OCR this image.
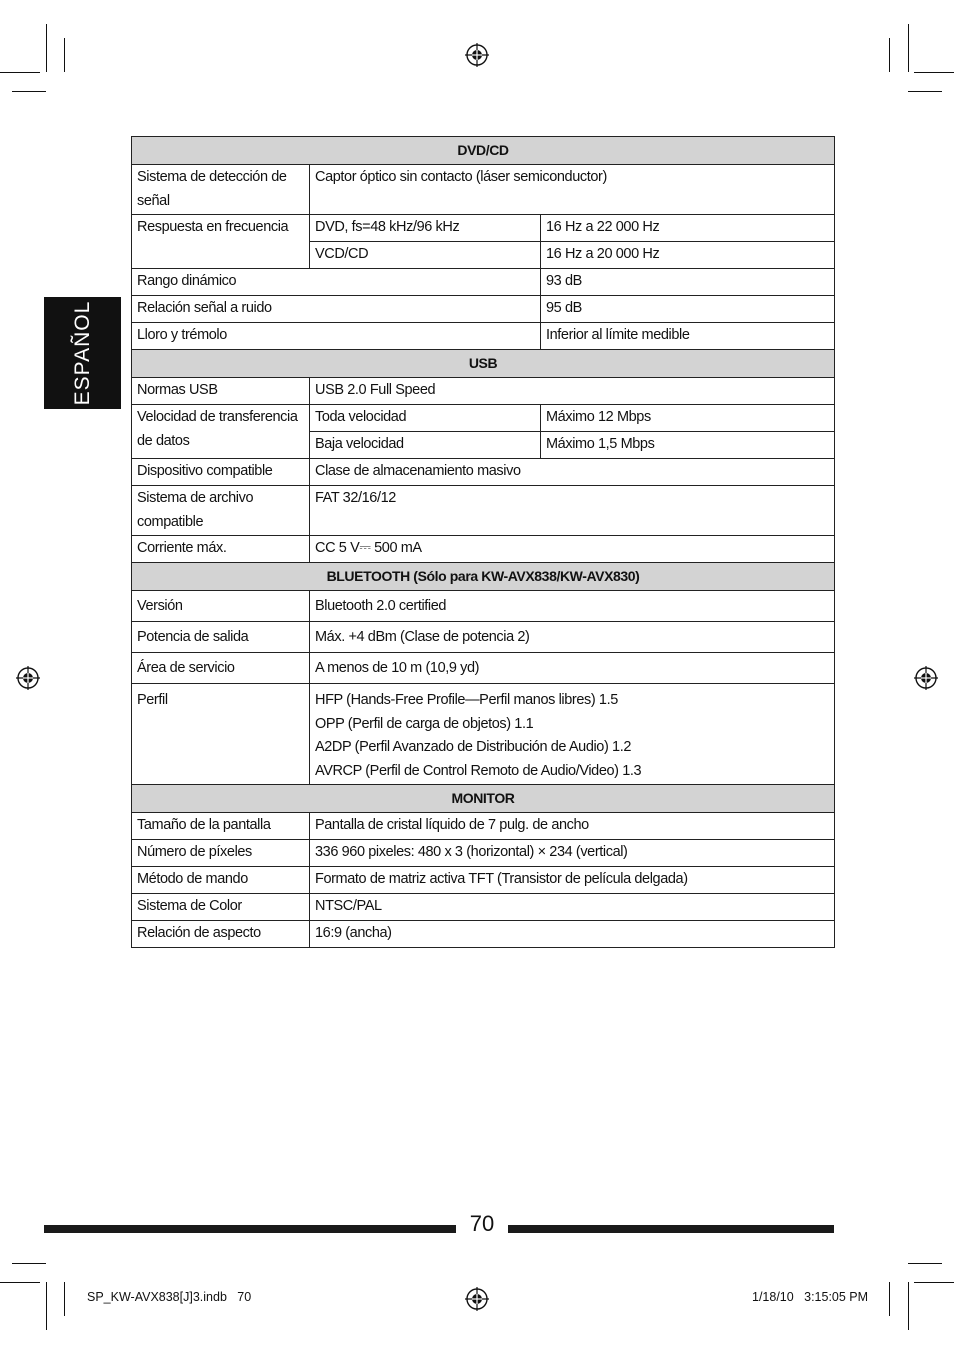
ESPAÑOL
DVD/CD		
Sistema de detección de señal	Captor óptico sin contacto (láser semiconductor)	
Respuesta en frecuencia	DVD, fs=48 kHz/96 kHz	16 Hz a 22 000 Hz
	VCD/CD	16 Hz a 20 000 Hz
Rango dinámico		93 dB
Relación señal a ruido		95 dB
Lloro y trémolo		Inferior al límite medible
USB		
Normas USB	USB 2.0 Full Speed	
Velocidad de transferencia de datos	Toda velocidad	Máximo 12 Mbps
	Baja velocidad	Máximo 1,5 Mbps
Dispositivo compatible	Clase de almacenamiento masivo	
Sistema de archivo compatible	FAT 32/16/12	
Corriente máx.	CC 5 V⎓ 500 mA	
BLUETOOTH (Sólo para KW-AVX838/KW-AVX830)		
Versión	Bluetooth 2.0 certified	
Potencia de salida	Máx. +4 dBm (Clase de potencia 2)	
Área de servicio	A menos de 10 m (10,9 yd)	
Perfil	HFP (Hands-Free Profile—Perfil manos libres) 1.5
OPP (Perfil de carga de objetos) 1.1
A2DP (Perfil Avanzado de Distribución de Audio) 1.2
AVRCP (Perfil de Control Remoto de Audio/Video) 1.3	

MONITOR		
Tamaño de la pantalla	Pantalla de cristal líquido de 7 pulg. de ancho	
Número de píxeles	336 960 pixeles: 480 x 3 (horizontal) × 234 (vertical)	
Método de mando	Formato de matriz activa TFT (Transistor de película delgada)	
Sistema de Color	NTSC/PAL	
Relación de aspecto	16:9 (ancha)	
70
SP_KW-AVX838[J]3.indb   70	1/18/10   3:15:05 PM
